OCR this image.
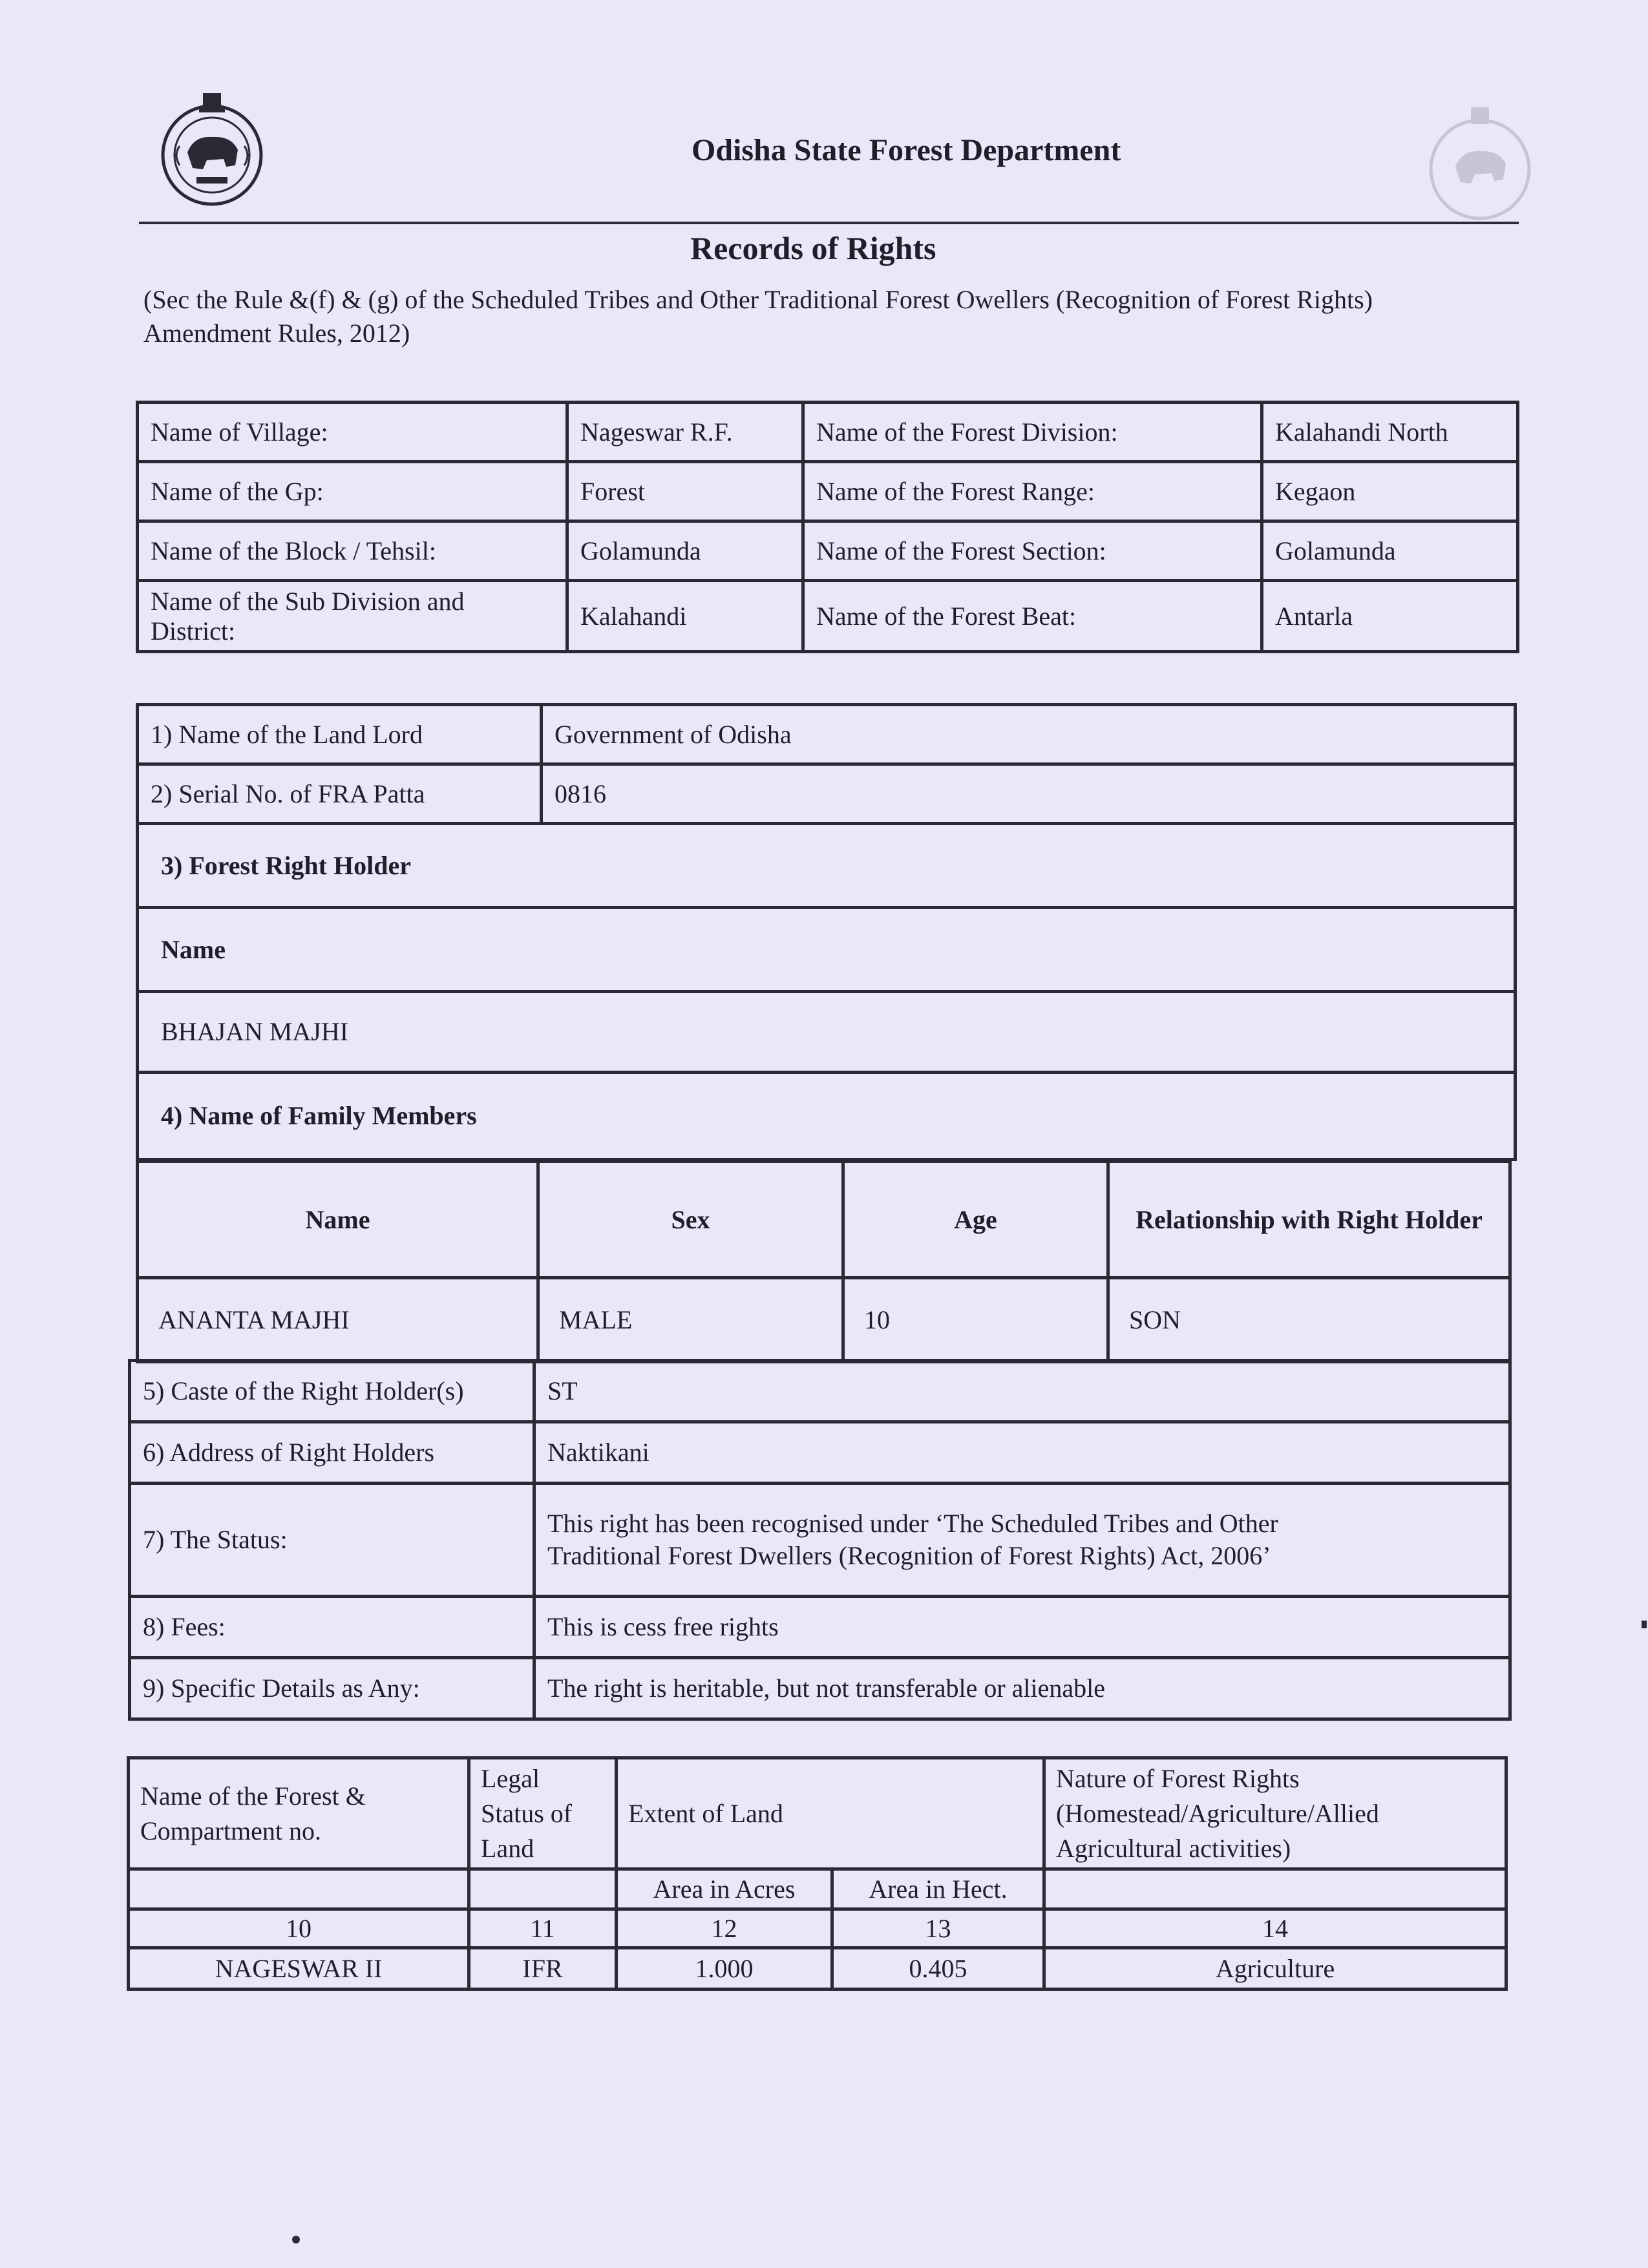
Odisha State Forest Department
Records of Rights
(Sec the Rule &(f) & (g) of the Scheduled Tribes and Other Traditional Forest Owellers (Recognition of Forest Rights) Amendment Rules, 2012)
Name of Village:	Nageswar R.F.	Name of the Forest Division:	Kalahandi North
Name of the Gp:	Forest	Name of the Forest Range:	Kegaon
Name of the Block / Tehsil:	Golamunda	Name of the Forest Section:	Golamunda
Name of the Sub Division and District:	Kalahandi	Name of the Forest Beat:	Antarla
1) Name of the Land Lord	Government of Odisha
2) Serial No. of FRA Patta	0816
3) Forest Right Holder	
Name	
BHAJAN MAJHI	
4) Name of Family Members	
Name	Sex	Age	Relationship with Right Holder
ANANTA MAJHI	MALE	10	SON
5) Caste of the Right Holder(s)	ST
6) Address of Right Holders	Naktikani
7) The Status:	This right has been recognised under ‘The Scheduled Tribes and Other Traditional Forest Dwellers (Recognition of Forest Rights) Act, 2006’
8) Fees:	This is cess free rights
9) Specific Details as Any:	The right is heritable, but not transferable or alienable
Name of the Forest & Compartment no.	Legal Status of Land	Extent of Land		Nature of Forest Rights (Homestead/Agriculture/Allied Agricultural activities)
		Area in Acres	Area in Hect.	
10	11	12	13	14
NAGESWAR II	IFR	1.000	0.405	Agriculture
